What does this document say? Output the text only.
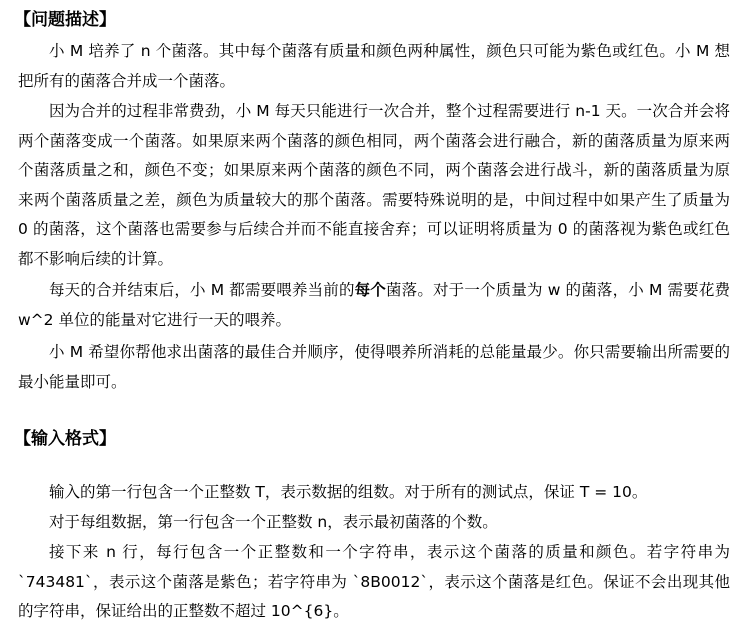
【问题描述】

小 M 培养了 n 个菌落。其中每个菌落有质量和颜色两种属性，颜色只可能为紫色或红色。小 M 想把所有的菌落合并成一个菌落。

因为合并的过程非常费劲，小 M 每天只能进行一次合并，整个过程需要进行 n-1 天。一次合并会将两个菌落变成一个菌落。如果原来两个菌落的颜色相同，两个菌落会进行融合，新的菌落质量为原来两个菌落质量之和，颜色不变；如果原来两个菌落的颜色不同，两个菌落会进行战斗，新的菌落质量为原来两个菌落质量之差，颜色为质量较大的那个菌落。需要特殊说明的是，中间过程中如果产生了质量为 0 的菌落，这个菌落也需要参与后续合并而不能直接舍弃；可以证明将质量为 0 的菌落视为紫色或红色都不影响后续的计算。

每天的合并结束后，小 M 都需要喂养当前的每个菌落。对于一个质量为 w 的菌落，小 M 需要花费 w^2 单位的能量对它进行一天的喂养。

小 M 希望你帮他求出菌落的最佳合并顺序，使得喂养所消耗的总能量最少。你只需要输出所需要的最小能量即可。

【输入格式】

输入的第一行包含一个正整数 T，表示数据的组数。对于所有的测试点，保证 T = 10。

对于每组数据，第一行包含一个正整数 n，表示最初菌落的个数。

接下来 n 行，每行包含一个正整数和一个字符串，表示这个菌落的质量和颜色。若字符串为 `743481`，表示这个菌落是紫色；若字符串为 `8B0012`，表示这个菌落是红色。保证不会出现其他的字符串，保证给出的正整数不超过 10^{6}。
